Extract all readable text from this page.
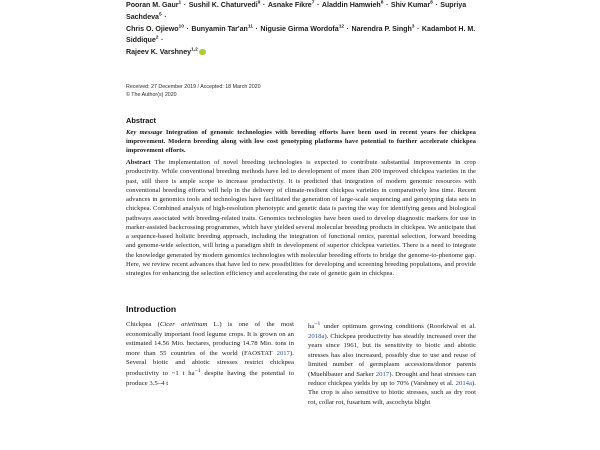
Pooran M. Gaur$^1$ · Sushil K. Chaturvedi$^9$ · Asnake Fikre$^7$ · Aladdin Hamwieh$^8$ · Shiv Kumar$^8$ · Supriya Sachdeva$^5$ ·
Chris O. Ojiewo$^{10}$ · Bunyamin $Tar'an^{11}$ · Nigusie Girma Wordofa$^{12}$ · Narendra P. Singh$^3$ · Kadambot H. M. Siddique$^2$ ·
Rajeev K. Varshney$^{1,2}$
Received: 27 December 2019 / Accepted: 18 March 2020
© The Author(s) 2020
Abstract

Key message Integration of genomic technologies with breeding efforts have been used in recent years for chickpea improvement. Modern breeding along with low cost genotyping platforms have potential to further accelerate chickpea improvement efforts.

Abstract The implementation of novel breeding technologies is expected to contribute substantial improvements in crop productivity. While conventional breeding methods have led to development of more than 200 improved chickpea varieties in the past, still there is ample scope to increase productivity. It is predicted that integration of modern genomic resources with conventional breeding efforts will help in the delivery of climate-resilient chickpea varieties in comparatively less time. Recent advances in genomics tools and technologies have facilitated the generation of large-scale sequencing and genotyping data sets in chickpea. Combined analysis of high-resolution phenotypic and genetic data is paving the way for identifying genes and biological pathways associated with breeding-related traits. Genomics technologies have been used to develop diagnostic markers for use in marker-assisted backcrossing programmes, which have yielded several molecular breeding products in chickpea. We anticipate that a sequence-based holistic breeding approach, including the integration of functional omics, parental selection, forward breeding and genome-wide selection, will bring a paradigm shift in development of superior chickpea varieties. There is a need to integrate the knowledge generated by modern genomics technologies with molecular breeding efforts to bridge the genome-to-phenome gap. Here, we review recent advances that have led to new possibilities for developing and screening breeding populations, and provide strategies for enhancing the selection efficiency and accelerating the rate of genetic gain in chickpea.

Introduction

Chickpea (Cicer arietinum L.) is one of the most economically important food legume crops. It is grown on an estimated 14.56 Mio. hectares, producing 14.78 Mio. tons in more than 55 countries of the world (FAOSTAT 2017). Several biotic and abiotic stresses restrict chickpea productivity to ~1 t $ha^{-1}$ despite having the potential to produce 3.5–4 t

$ha^{-1}$ under optimum growing conditions (Roorkiwal et al. 2018a). Chickpea productivity has steadily increased over the years since 1961, but its sensitivity to biotic and abiotic stresses has also increased, possibly due to use and reuse of limited number of germplasm accessions/donor parents (Muehlbauer and Sarker 2017). Drought and heat stresses can reduce chickpea yields by up to 70% (Varshney et al. 2014a). The crop is also sensitive to biotic stresses, such as dry root rot, collar rot, fusarium wilt, ascochyta blight
